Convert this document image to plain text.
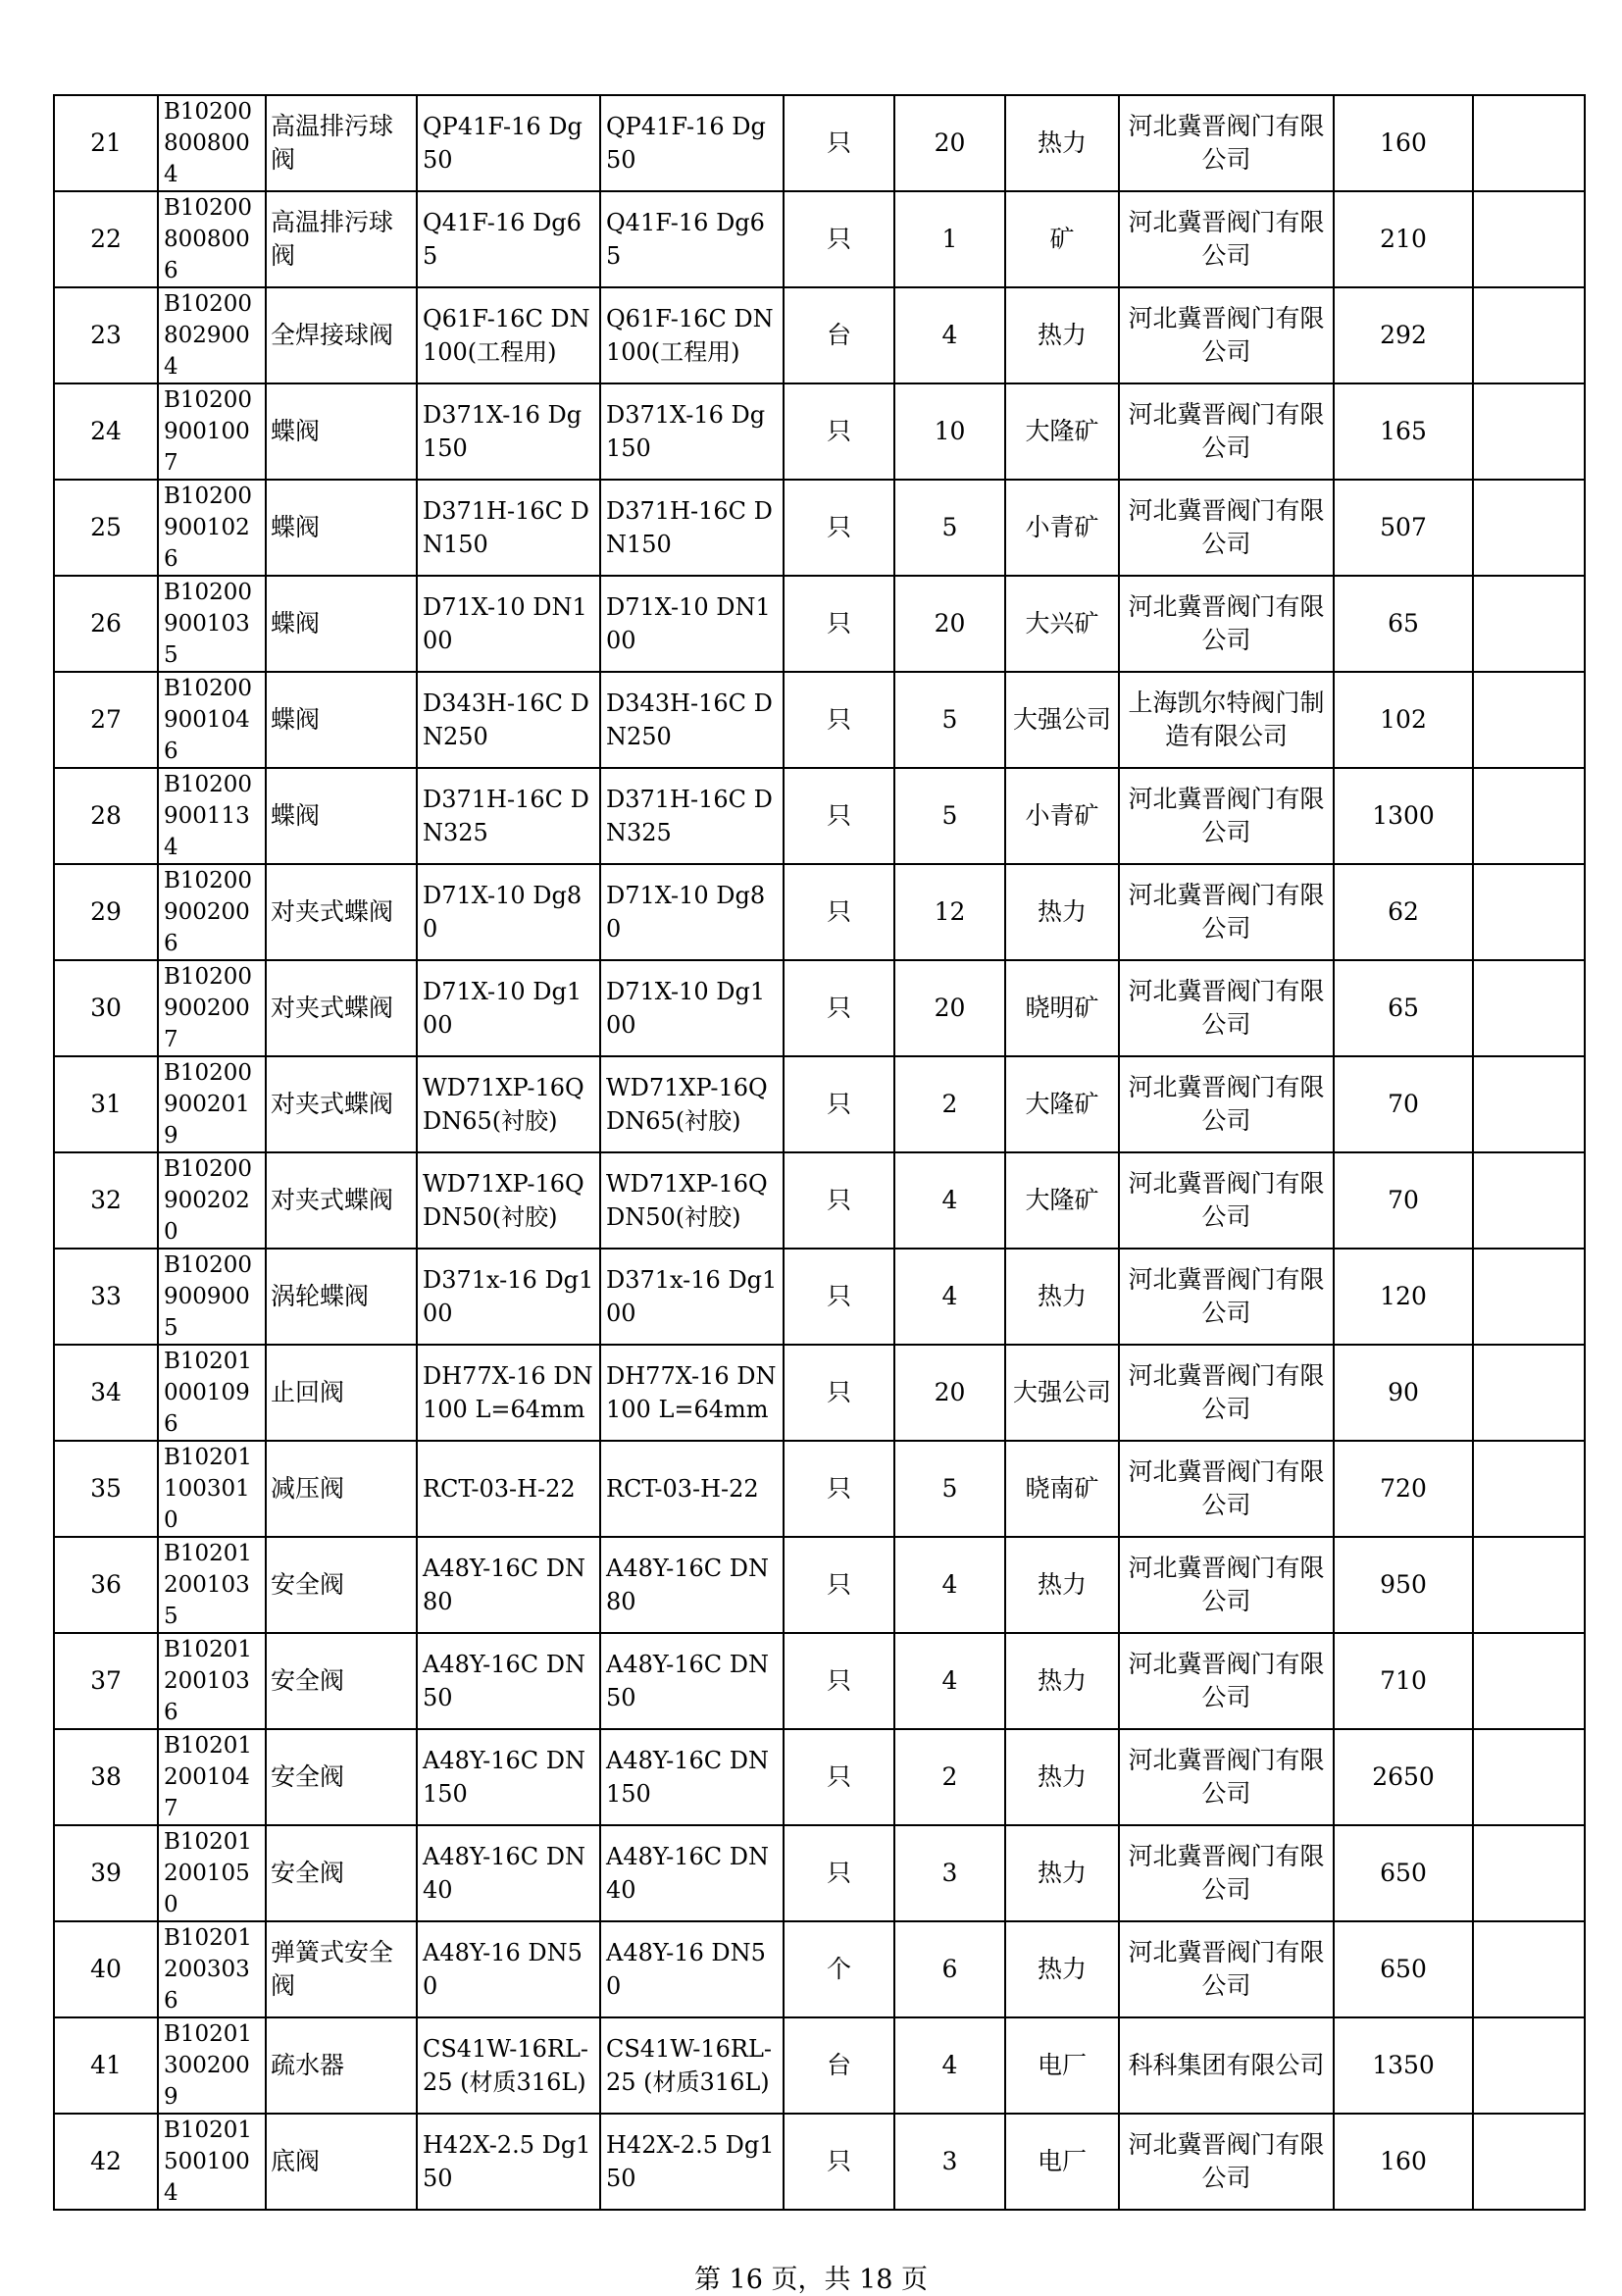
21	B102008008004	高温排污球阀	QP41F-16 Dg50	QP41F-16 Dg50	只	20	热力	河北冀晋阀门有限公司	160	
22	B102008008006	高温排污球阀	Q41F-16 Dg65	Q41F-16 Dg65	只	1	矿	河北冀晋阀门有限公司	210	
23	B102008029004	全焊接球阀	Q61F-16C DN100(工程用)	Q61F-16C DN100(工程用)	台	4	热力	河北冀晋阀门有限公司	292	
24	B102009001007	蝶阀	D371X-16 Dg150	D371X-16 Dg150	只	10	大隆矿	河北冀晋阀门有限公司	165	
25	B102009001026	蝶阀	D371H-16C DN150	D371H-16C DN150	只	5	小青矿	河北冀晋阀门有限公司	507	
26	B102009001035	蝶阀	D71X-10 DN100	D71X-10 DN100	只	20	大兴矿	河北冀晋阀门有限公司	65	
27	B102009001046	蝶阀	D343H-16C DN250	D343H-16C DN250	只	5	大强公司	上海凯尔特阀门制造有限公司	102	
28	B102009001134	蝶阀	D371H-16C DN325	D371H-16C DN325	只	5	小青矿	河北冀晋阀门有限公司	1300	
29	B102009002006	对夹式蝶阀	D71X-10 Dg80	D71X-10 Dg80	只	12	热力	河北冀晋阀门有限公司	62	
30	B102009002007	对夹式蝶阀	D71X-10 Dg100	D71X-10 Dg100	只	20	晓明矿	河北冀晋阀门有限公司	65	
31	B102009002019	对夹式蝶阀	WD71XP-16Q DN65(衬胶)	WD71XP-16Q DN65(衬胶)	只	2	大隆矿	河北冀晋阀门有限公司	70	
32	B102009002020	对夹式蝶阀	WD71XP-16Q DN50(衬胶)	WD71XP-16Q DN50(衬胶)	只	4	大隆矿	河北冀晋阀门有限公司	70	
33	B102009009005	涡轮蝶阀	D371x-16 Dg100	D371x-16 Dg100	只	4	热力	河北冀晋阀门有限公司	120	
34	B102010001096	止回阀	DH77X-16 DN100 L=64mm	DH77X-16 DN100 L=64mm	只	20	大强公司	河北冀晋阀门有限公司	90	
35	B102011003010	减压阀	RCT-03-H-22	RCT-03-H-22	只	5	晓南矿	河北冀晋阀门有限公司	720	
36	B102012001035	安全阀	A48Y-16C DN80	A48Y-16C DN80	只	4	热力	河北冀晋阀门有限公司	950	
37	B102012001036	安全阀	A48Y-16C DN50	A48Y-16C DN50	只	4	热力	河北冀晋阀门有限公司	710	
38	B102012001047	安全阀	A48Y-16C DN150	A48Y-16C DN150	只	2	热力	河北冀晋阀门有限公司	2650	
39	B102012001050	安全阀	A48Y-16C DN40	A48Y-16C DN40	只	3	热力	河北冀晋阀门有限公司	650	
40	B102012003036	弹簧式安全阀	A48Y-16 DN50	A48Y-16 DN50	个	6	热力	河北冀晋阀门有限公司	650	
41	B102013002009	疏水器	CS41W-16RL-25 (材质316L)	CS41W-16RL-25 (材质316L)	台	4	电厂	科科集团有限公司	1350	
42	B102015001004	底阀	H42X-2.5 Dg150	H42X-2.5 Dg150	只	3	电厂	河北冀晋阀门有限公司	160	
第 16 页，共 18 页
